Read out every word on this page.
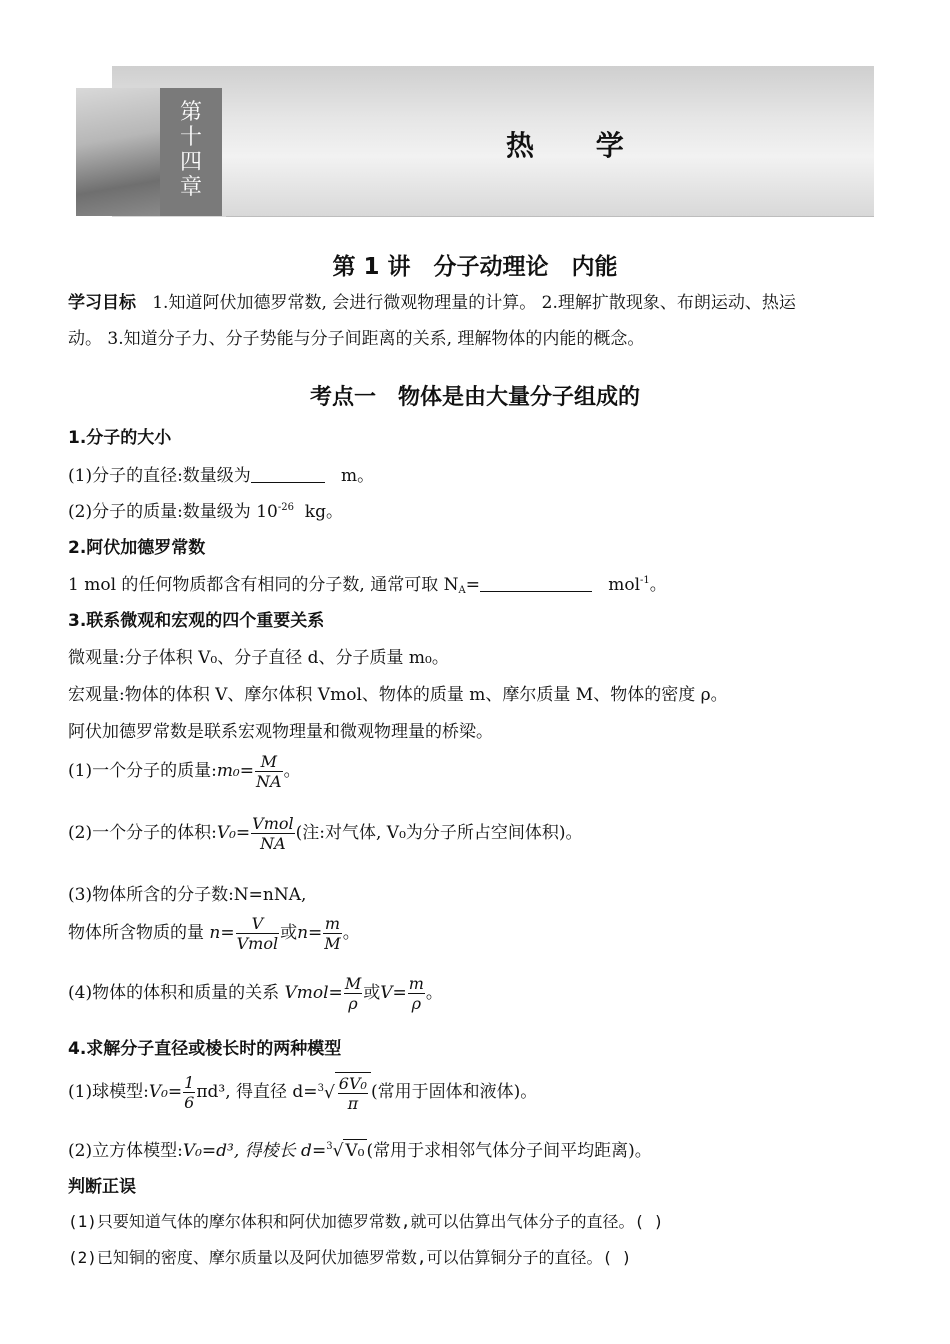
第
十
四
章
热 学
第 1 讲　分子动理论　内能
学习目标 1.知道阿伏加德罗常数, 会进行微观物理量的计算。 2.理解扩散现象、布朗运动、热运
动。 3.知道分子力、分子势能与分子间距离的关系, 理解物体的内能的概念。
考点一　物体是由大量分子组成的
1.分子的大小
(1)分子的直径:数量级为	m。
(2)分子的质量:数量级为 $10^{-26}$ kg。
2.阿伏加德罗常数
1 mol 的任何物质都含有相同的分子数, 通常可取 $N_A=$	mol$^{-1}$。
3.联系微观和宏观的四个重要关系
微观量:分子体积 V₀、分子直径 d、分子质量 m₀。
宏观量:物体的体积 V、摩尔体积 Vmol、物体的质量 m、摩尔质量 M、物体的密度 ρ。
阿伏加德罗常数是联系宏观物理量和微观物理量的桥梁。
(1)一个分子的质量:m₀= $\frac{M}{NA}$ 。
(2)一个分子的体积:V₀= $\frac{\text{Vmol}}{NA}$ (注:对气体, V₀为分子所占空间体积)。
(3)物体所含的分子数:N=nNA,
物体所含物质的量 $n= \frac{V}{\text{Vmol}}$ 或$n= \frac{m}{M}$ 。
(4)物体的体积和质量的关系 Vmol= $\frac{M}{\rho}$ 或$V= \frac{m}{\rho}$ 。
4.求解分子直径或棱长时的两种模型
(1)球模型:V₀= $\frac{1}{6} \pi d^3$, 得直径 $d=^3√ \frac{\text{6V₀}}{\pi}$ (常用于固体和液体)。
(2)立方体模型:V₀=d³, 得棱长 d=$^3$√ V₀ (常用于求相邻气体分子间平均距离)。
判断正误
(1)只要知道气体的摩尔体积和阿伏加德罗常数,就可以估算出气体分子的直径。( )
(2)已知铜的密度、摩尔质量以及阿伏加德罗常数,可以估算铜分子的直径。( )
